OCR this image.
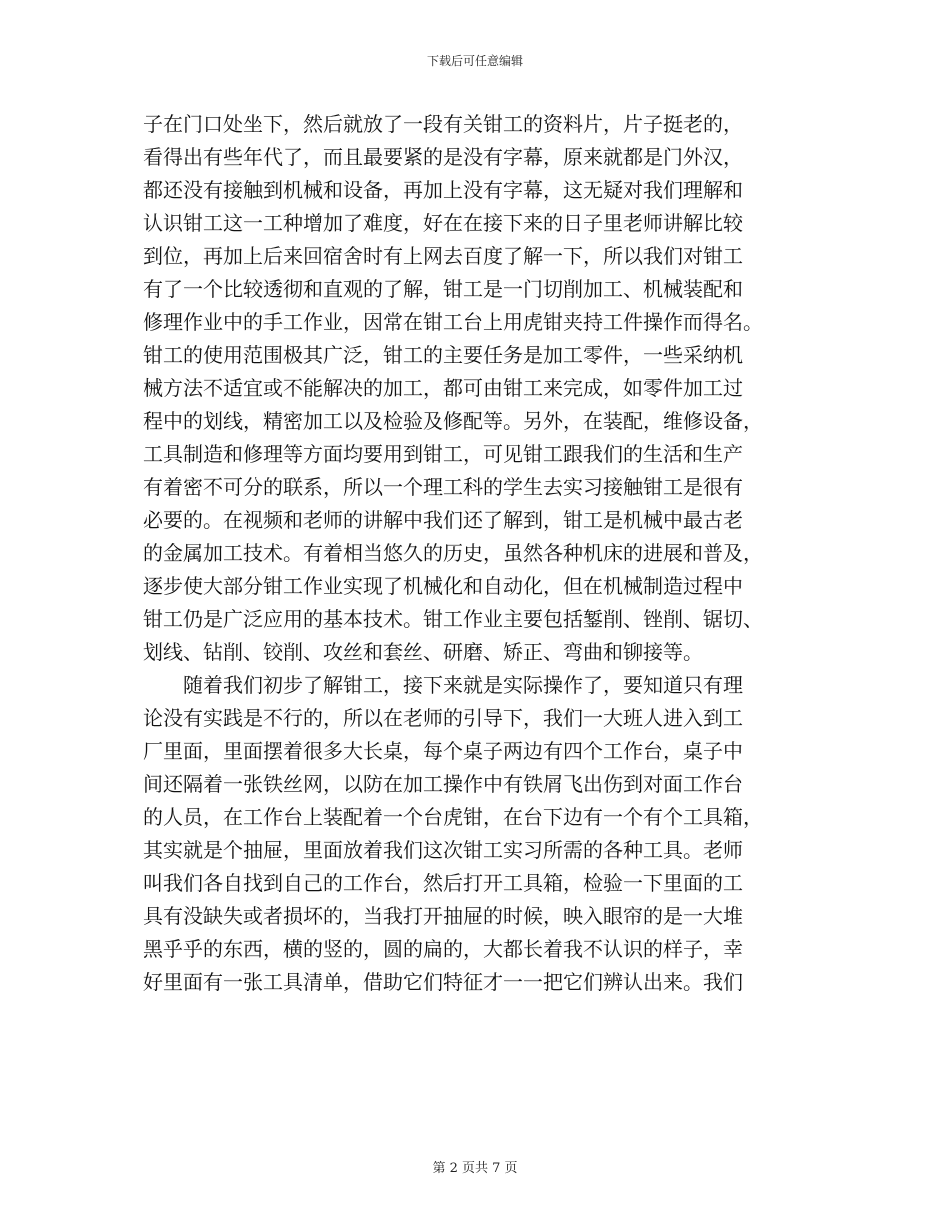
下载后可任意编辑
子在门口处坐下，然后就放了一段有关钳工的资料片，片子挺老的，
看得出有些年代了，而且最要紧的是没有字幕，原来就都是门外汉，
都还没有接触到机械和设备，再加上没有字幕，这无疑对我们理解和
认识钳工这一工种增加了难度，好在在接下来的日子里老师讲解比较
到位，再加上后来回宿舍时有上网去百度了解一下，所以我们对钳工
有了一个比较透彻和直观的了解，钳工是一门切削加工、机械装配和
修理作业中的手工作业，因常在钳工台上用虎钳夹持工件操作而得名。
钳工的使用范围极其广泛，钳工的主要任务是加工零件，一些采纳机
械方法不适宜或不能解决的加工，都可由钳工来完成，如零件加工过
程中的划线，精密加工以及检验及修配等。另外，在装配，维修设备，
工具制造和修理等方面均要用到钳工，可见钳工跟我们的生活和生产
有着密不可分的联系，所以一个理工科的学生去实习接触钳工是很有
必要的。在视频和老师的讲解中我们还了解到，钳工是机械中最古老
的金属加工技术。有着相当悠久的历史，虽然各种机床的进展和普及，
逐步使大部分钳工作业实现了机械化和自动化，但在机械制造过程中
钳工仍是广泛应用的基本技术。钳工作业主要包括錾削、锉削、锯切、
划线、钻削、铰削、攻丝和套丝、研磨、矫正、弯曲和铆接等。
随着我们初步了解钳工，接下来就是实际操作了，要知道只有理
论没有实践是不行的，所以在老师的引导下，我们一大班人进入到工
厂里面，里面摆着很多大长桌，每个桌子两边有四个工作台，桌子中
间还隔着一张铁丝网，以防在加工操作中有铁屑飞出伤到对面工作台
的人员，在工作台上装配着一个台虎钳，在台下边有一个有个工具箱，
其实就是个抽屉，里面放着我们这次钳工实习所需的各种工具。老师
叫我们各自找到自己的工作台，然后打开工具箱，检验一下里面的工
具有没缺失或者损坏的，当我打开抽屉的时候，映入眼帘的是一大堆
黑乎乎的东西，横的竖的，圆的扁的，大都长着我不认识的样子，幸
好里面有一张工具清单，借助它们特征才一一把它们辨认出来。我们
第 2 页共 7 页
